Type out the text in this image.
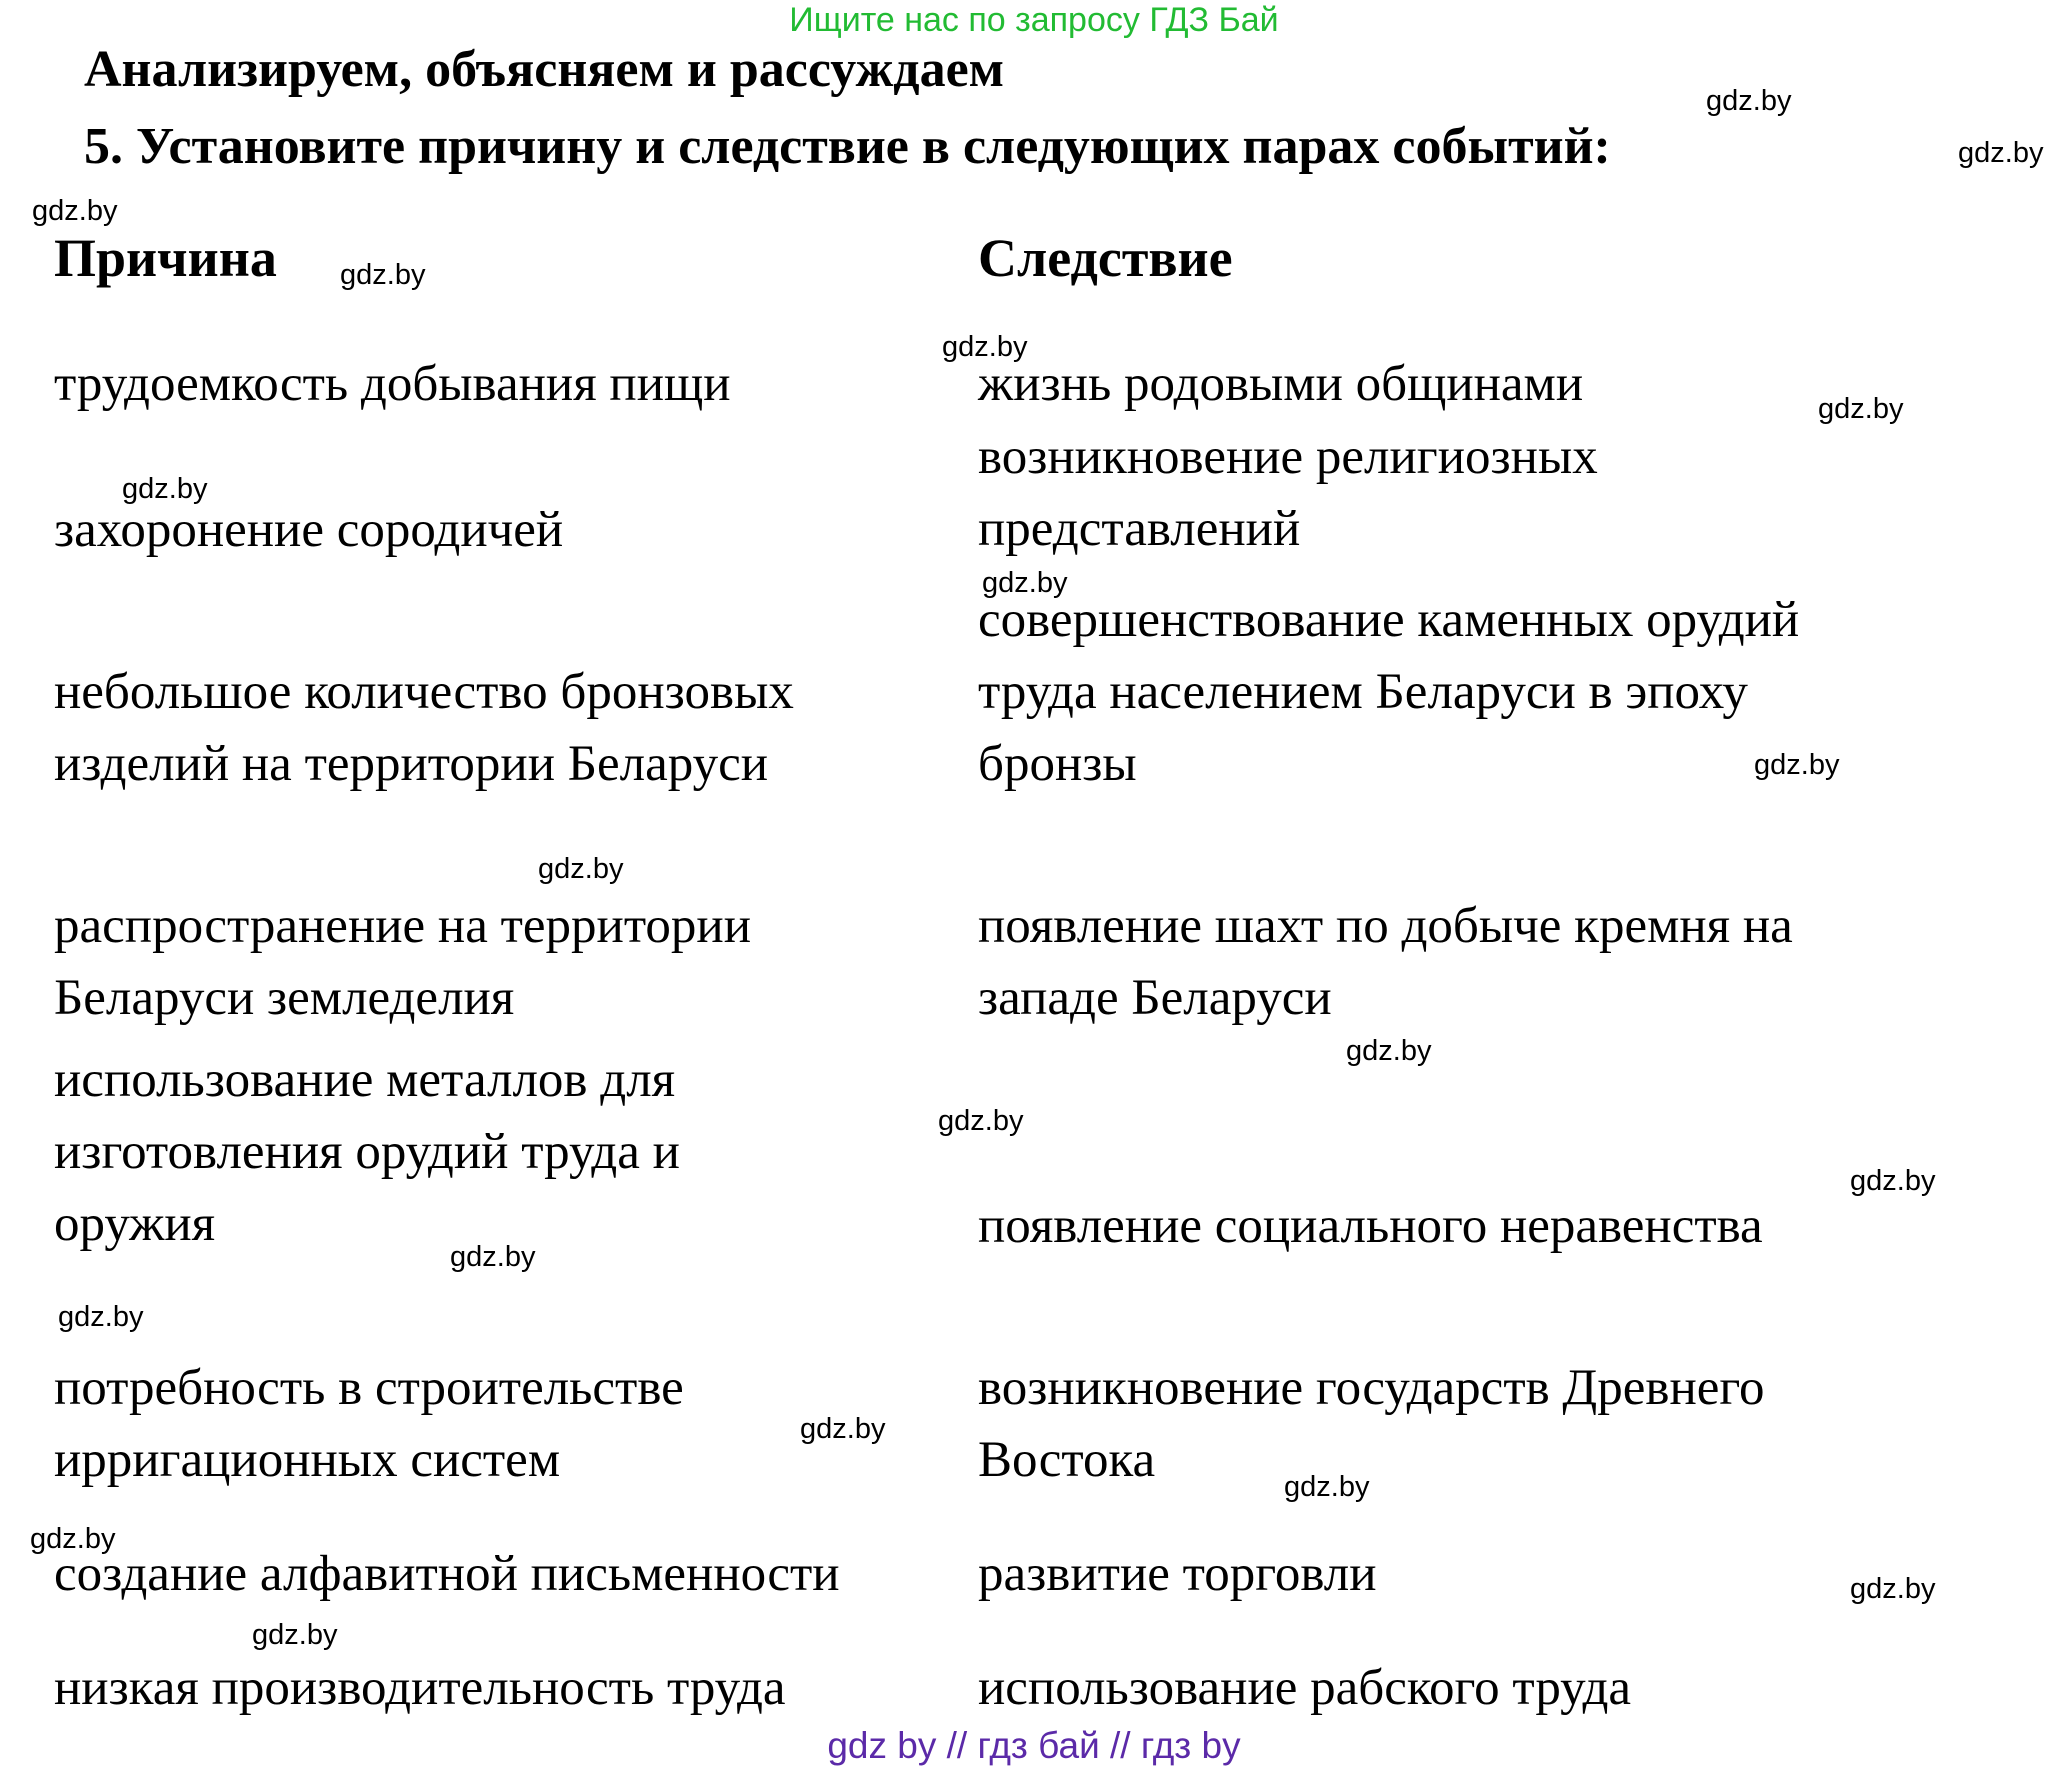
Ищите нас по запросу ГДЗ Бай
Анализируем, объясняем и рассуждаем
5. Установите причину и следствие в следующих парах событий:
Причина	Следствие
трудоемкость добывания пищи
захоронение сородичей
небольшое количество бронзовых
изделий на территории Беларуси
распространение на территории
Беларуси земледелия
использование металлов для
изготовления орудий труда и
оружия
потребность в строительстве
ирригационных систем
создание алфавитной письменности
низкая производительность труда
жизнь родовыми общинами
возникновение религиозных
представлений
совершенствование каменных орудий
труда населением Беларуси в эпоху
бронзы
появление шахт по добыче кремня на
западе Беларуси
появление социального неравенства
возникновение государств Древнего
Востока
развитие торговли
использование рабского труда
gdz.by
gdz.by
gdz.by
gdz.by
gdz.by
gdz.by
gdz.by
gdz.by
gdz.by
gdz.by
gdz.by
gdz.by
gdz.by
gdz.by
gdz.by
gdz.by
gdz.by
gdz.by
gdz.by
gdz.by
gdz by // гдз бай // гдз by
